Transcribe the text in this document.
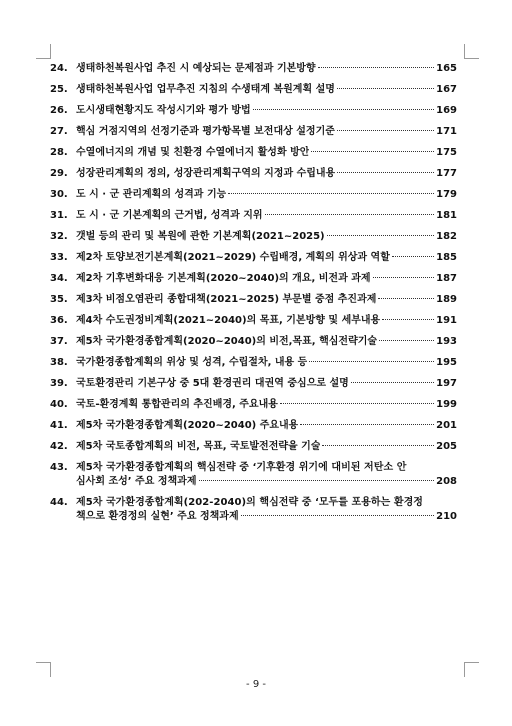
24. 생태하천복원사업 추진 시 예상되는 문제점과 기본방향	165
25. 생태하천복원사업 업무추진 지침의 수생태계 복원계획 설명	167
26. 도시생태현황지도 작성시기와 평가 방법	169
27. 핵심 거점지역의 선정기준과 평가항목별 보전대상 설정기준	171
28. 수열에너지의 개념 및 친환경 수열에너지 활성화 방안	175
29. 성장관리계획의 정의, 성장관리계획구역의 지정과 수립내용	177
30. 도 시 · 군 관리계획의 성격과 기능	179
31. 도 시 · 군 기본계획의 근거법, 성격과 지위	181
32. 갯벌 등의 관리 및 복원에 관한 기본계획(2021~2025)	182
33. 제2차 토양보전기본계획(2021~2029) 수립배경, 계획의 위상과 역할	185
34. 제2차 기후변화대응 기본계획(2020~2040)의 개요, 비전과 과제	187
35. 제3차 비점오염관리 종합대책(2021~2025) 부문별 중점 추진과제	189
36. 제4차 수도권정비계획(2021~2040)의 목표, 기본방향 및 세부내용	191
37. 제5차 국가환경종합계획(2020~2040)의 비전,목표, 핵심전략기술	193
38. 국가환경종합계획의 위상 및 성격, 수립절차, 내용 등	195
39. 국토환경관리 기본구상 중 5대 환경권리 대권역 중심으로 설명	197
40. 국토-환경계획 통합관리의 추진배경, 주요내용	199
41. 제5차 국가환경종합계획(2020~2040) 주요내용	201
42. 제5차 국토종합계획의 비전, 목표, 국토발전전략을 기술	205
43. 제5차 국가환경종합계획의 핵심전략 중 ‘기후환경 위기에 대비된 저탄소 안
심사회 조성’ 주요 정책과제	208
44. 제5차 국가환경종합계획(202-2040)의 핵심전략 중 ‘모두를 포용하는 환경정
책으로 환경정의 실현’ 주요 정책과제	210
- 9 -
